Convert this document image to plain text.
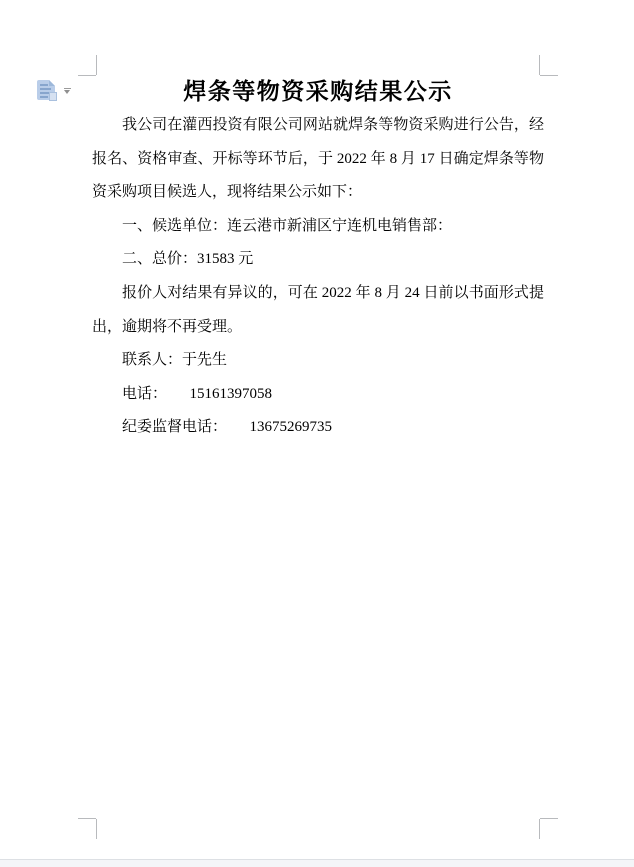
焊条等物资采购结果公示

我公司在灌西投资有限公司网站就焊条等物资采购进行公告，经报名、资格审查、开标等环节后，于 2022 年 8 月 17 日确定焊条等物资采购项目候选人，现将结果公示如下：

一、候选单位：连云港市新浦区宁连机电销售部：

二、总价：31583 元

报价人对结果有异议的，可在 2022 年 8 月 24 日前以书面形式提出，逾期将不再受理。

联系人：于先生

电话：　　15161397058

纪委监督电话：　　13675269735
